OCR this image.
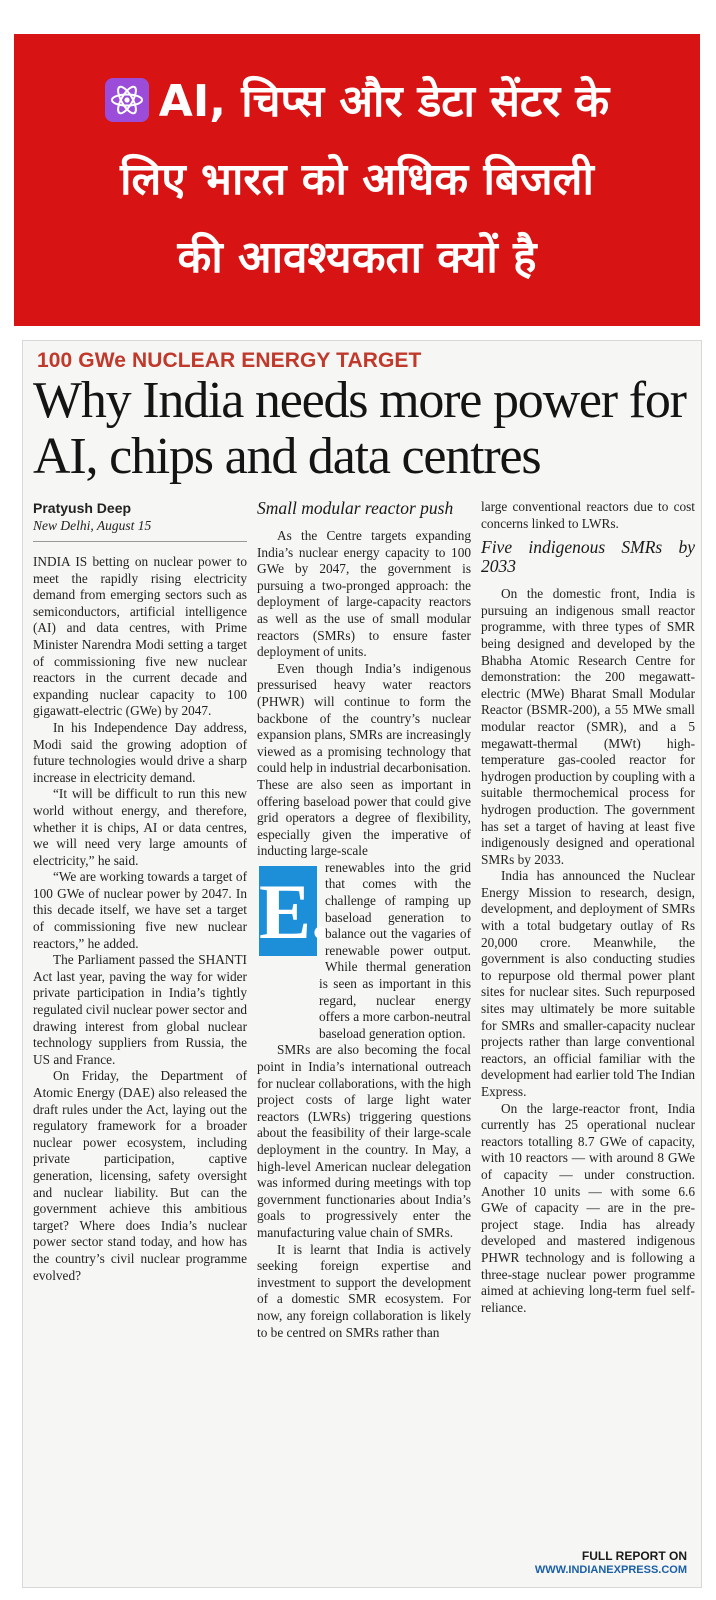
AI, चिप्स और डेटा सेंटर के
लिए भारत को अधिक बिजली
की आवश्यकता क्यों है
100 GWe NUCLEAR ENERGY TARGET
Why India needs more power for AI, chips and data centres
Pratyush Deep
New Delhi, August 15

INDIA IS betting on nuclear power to meet the rapidly rising electricity demand from emerging sectors such as semiconductors, artificial intelligence (AI) and data centres, with Prime Minister Narendra Modi setting a target of commissioning five new nuclear reactors in the current decade and expanding nuclear capacity to 100 gigawatt-electric (GWe) by 2047.

In his Independence Day address, Modi said the growing adoption of future technologies would drive a sharp increase in electricity demand.

“It will be difficult to run this new world without energy, and therefore, whether it is chips, AI or data centres, we will need very large amounts of electricity,” he said.

“We are working towards a target of 100 GWe of nuclear power by 2047. In this decade itself, we have set a target of commissioning five new nuclear reactors,” he added.

The Parliament passed the SHANTI Act last year, paving the way for wider private participation in India’s tightly regulated civil nuclear power sector and drawing interest from global nuclear technology suppliers from Russia, the US and France.

On Friday, the Department of Atomic Energy (DAE) also released the draft rules under the Act, laying out the regulatory framework for a broader nuclear power ecosystem, including private participation, captive generation, licensing, safety oversight and nuclear liability. But can the government achieve this ambitious target? Where does India’s nuclear power sector stand today, and how has the country’s civil nuclear programme evolved?

Small modular reactor push

As the Centre targets expanding India’s nuclear energy capacity to 100 GWe by 2047, the government is pursuing a two-pronged approach: the deployment of large-capacity reactors as well as the use of small modular reactors (SMRs) to ensure faster deployment of units.

Even though India’s indigenous pressurised heavy water reactors (PHWR) will continue to form the backbone of the country’s nuclear expansion plans, SMRs are increasingly viewed as a promising technology that could help in industrial decarbonisation. These are also seen as important in offering baseload power that could give grid operators a degree of flexibility, especially given the imperative of inducting large-scale

E.
renewables into the grid that comes with the challenge of ramping up baseload generation to balance out the vagaries of renewable power output. While thermal generation is seen as important in this regard, nuclear energy offers a more carbon-neutral baseload generation option.

SMRs are also becoming the focal point in India’s international outreach for nuclear collaborations, with the high project costs of large light water reactors (LWRs) triggering questions about the feasibility of their large-scale deployment in the country. In May, a high-level American nuclear delegation was informed during meetings with top government functionaries about India’s goals to progressively enter the manufacturing value chain of SMRs.

It is learnt that India is actively seeking foreign expertise and investment to support the development of a domestic SMR ecosystem. For now, any foreign collaboration is likely to be centred on SMRs rather than

large conventional reactors due to cost concerns linked to LWRs.

Five indigenous SMRs by 2033

On the domestic front, India is pursuing an indigenous small reactor programme, with three types of SMR being designed and developed by the Bhabha Atomic Research Centre for demonstration: the 200 megawatt-electric (MWe) Bharat Small Modular Reactor (BSMR-200), a 55 MWe small modular reactor (SMR), and a 5 megawatt-thermal (MWt) high-temperature gas-cooled reactor for hydrogen production by coupling with a suitable thermochemical process for hydrogen production. The government has set a target of having at least five indigenously designed and operational SMRs by 2033.

India has announced the Nuclear Energy Mission to research, design, development, and deployment of SMRs with a total budgetary outlay of Rs 20,000 crore. Meanwhile, the government is also conducting studies to repurpose old thermal power plant sites for nuclear sites. Such repurposed sites may ultimately be more suitable for SMRs and smaller-capacity nuclear projects rather than large conventional reactors, an official familiar with the development had earlier told The Indian Express.

On the large-reactor front, India currently has 25 operational nuclear reactors totalling 8.7 GWe of capacity, with 10 reactors — with around 8 GWe of capacity — under construction. Another 10 units — with some 6.6 GWe of capacity — are in the pre-project stage. India has already developed and mastered indigenous PHWR technology and is following a three-stage nuclear power programme aimed at achieving long-term fuel self-reliance.

FULL REPORT ON
WWW.INDIANEXPRESS.COM
